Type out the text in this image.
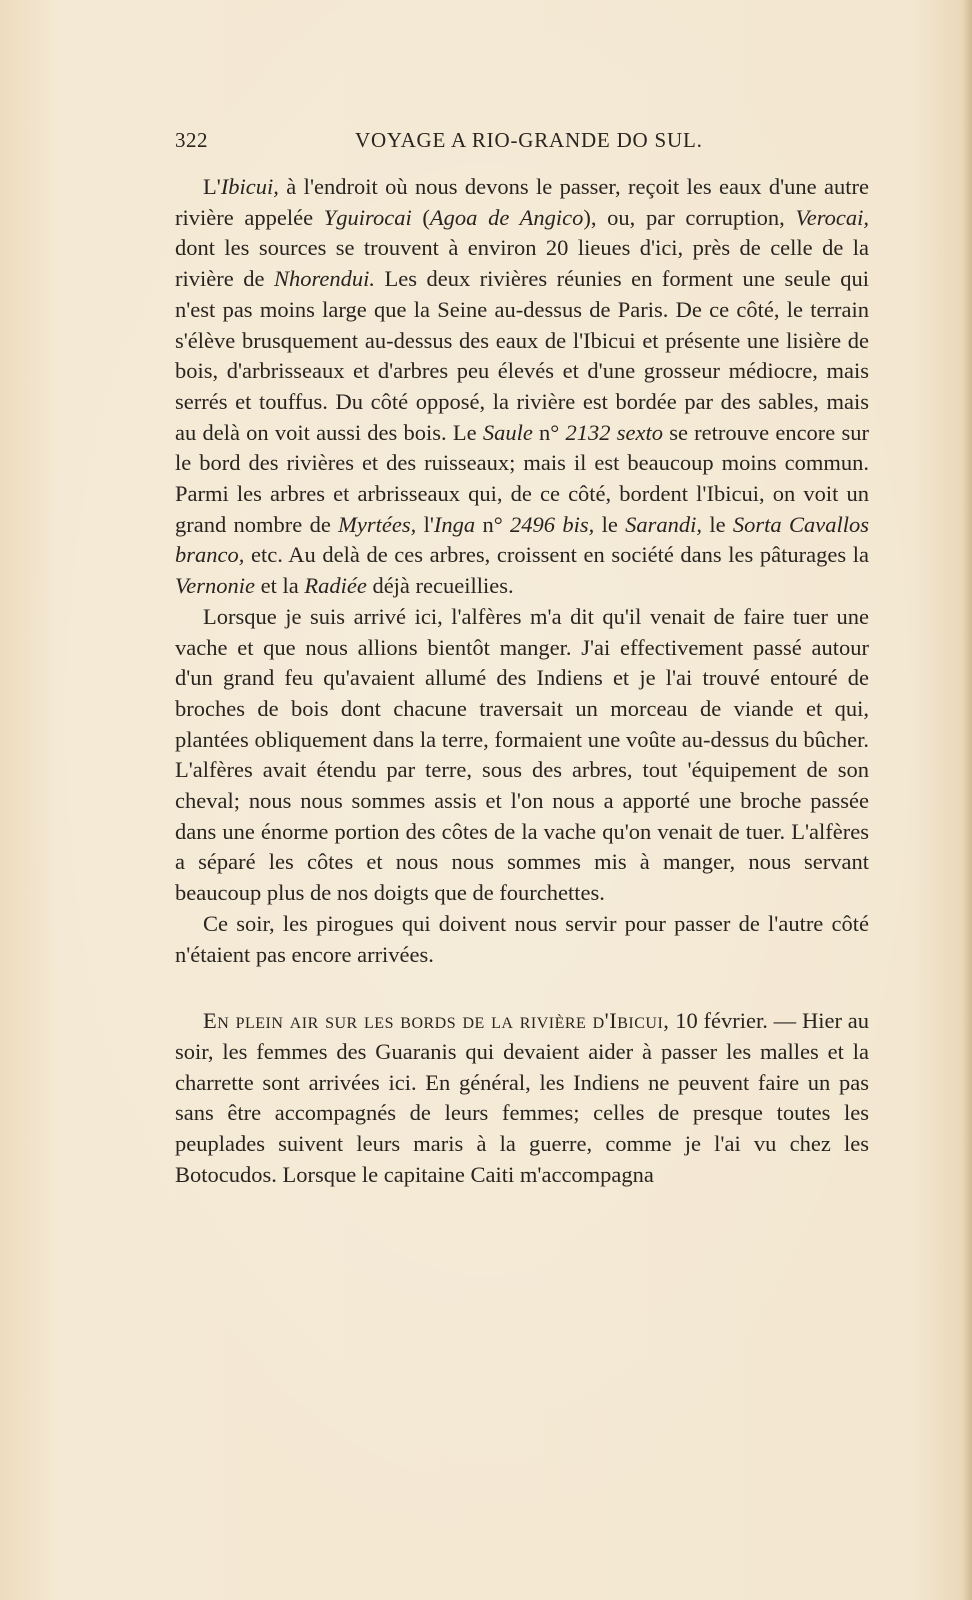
322	VOYAGE A RIO-GRANDE DO SUL.

L'Ibicui, à l'endroit où nous devons le passer, reçoit les eaux d'une autre rivière appelée Yguirocai (Agoa de Angico), ou, par corruption, Verocai, dont les sources se trouvent à environ 20 lieues d'ici, près de celle de la rivière de Nhorendui. Les deux rivières réunies en forment une seule qui n'est pas moins large que la Seine au-dessus de Paris. De ce côté, le terrain s'élève brusquement au-dessus des eaux de l'Ibicui et présente une lisière de bois, d'arbrisseaux et d'arbres peu élevés et d'une grosseur médiocre, mais serrés et touffus. Du côté opposé, la rivière est bordée par des sables, mais au delà on voit aussi des bois. Le Saule n° 2132 sexto se retrouve encore sur le bord des rivières et des ruisseaux; mais il est beaucoup moins commun. Parmi les arbres et arbrisseaux qui, de ce côté, bordent l'Ibicui, on voit un grand nombre de Myrtées, l'Inga n° 2496 bis, le Sarandi, le Sorta Cavallos branco, etc. Au delà de ces arbres, croissent en société dans les pâturages la Vernonie et la Radiée déjà recueillies.

Lorsque je suis arrivé ici, l'alfères m'a dit qu'il venait de faire tuer une vache et que nous allions bientôt manger. J'ai effectivement passé autour d'un grand feu qu'avaient allumé des Indiens et je l'ai trouvé entouré de broches de bois dont chacune traversait un morceau de viande et qui, plantées obliquement dans la terre, formaient une voûte au-dessus du bûcher. L'alfères avait étendu par terre, sous des arbres, tout 'équipement de son cheval; nous nous sommes assis et l'on nous a apporté une broche passée dans une énorme portion des côtes de la vache qu'on venait de tuer. L'alfères a séparé les côtes et nous nous sommes mis à manger, nous servant beaucoup plus de nos doigts que de fourchettes.

Ce soir, les pirogues qui doivent nous servir pour passer de l'autre côté n'étaient pas encore arrivées.

En plein air sur les bords de la rivière d'Ibicui, 10 février. — Hier au soir, les femmes des Guaranis qui devaient aider à passer les malles et la charrette sont arrivées ici. En général, les Indiens ne peuvent faire un pas sans être accompagnés de leurs femmes; celles de presque toutes les peuplades suivent leurs maris à la guerre, comme je l'ai vu chez les Botocudos. Lorsque le capitaine Caiti m'accompagna
